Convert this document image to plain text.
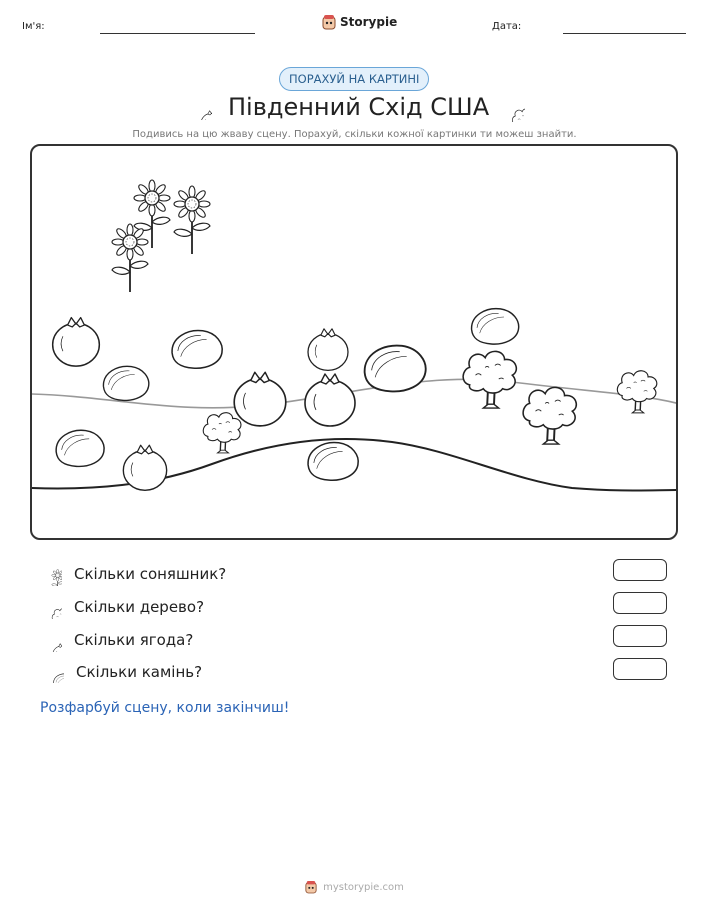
Ім'я:	Storypie	Дата:
ПОРАХУЙ НА КАРТИНІ
Південний Схід США
Подивись на цю жваву сцену. Порахуй, скільки кожної картинки ти можеш знайти.
Скільки соняшник?
Скільки дерево?
Скільки ягода?
Скільки камінь?
Розфарбуй сцену, коли закінчиш!
mystorypie.com
